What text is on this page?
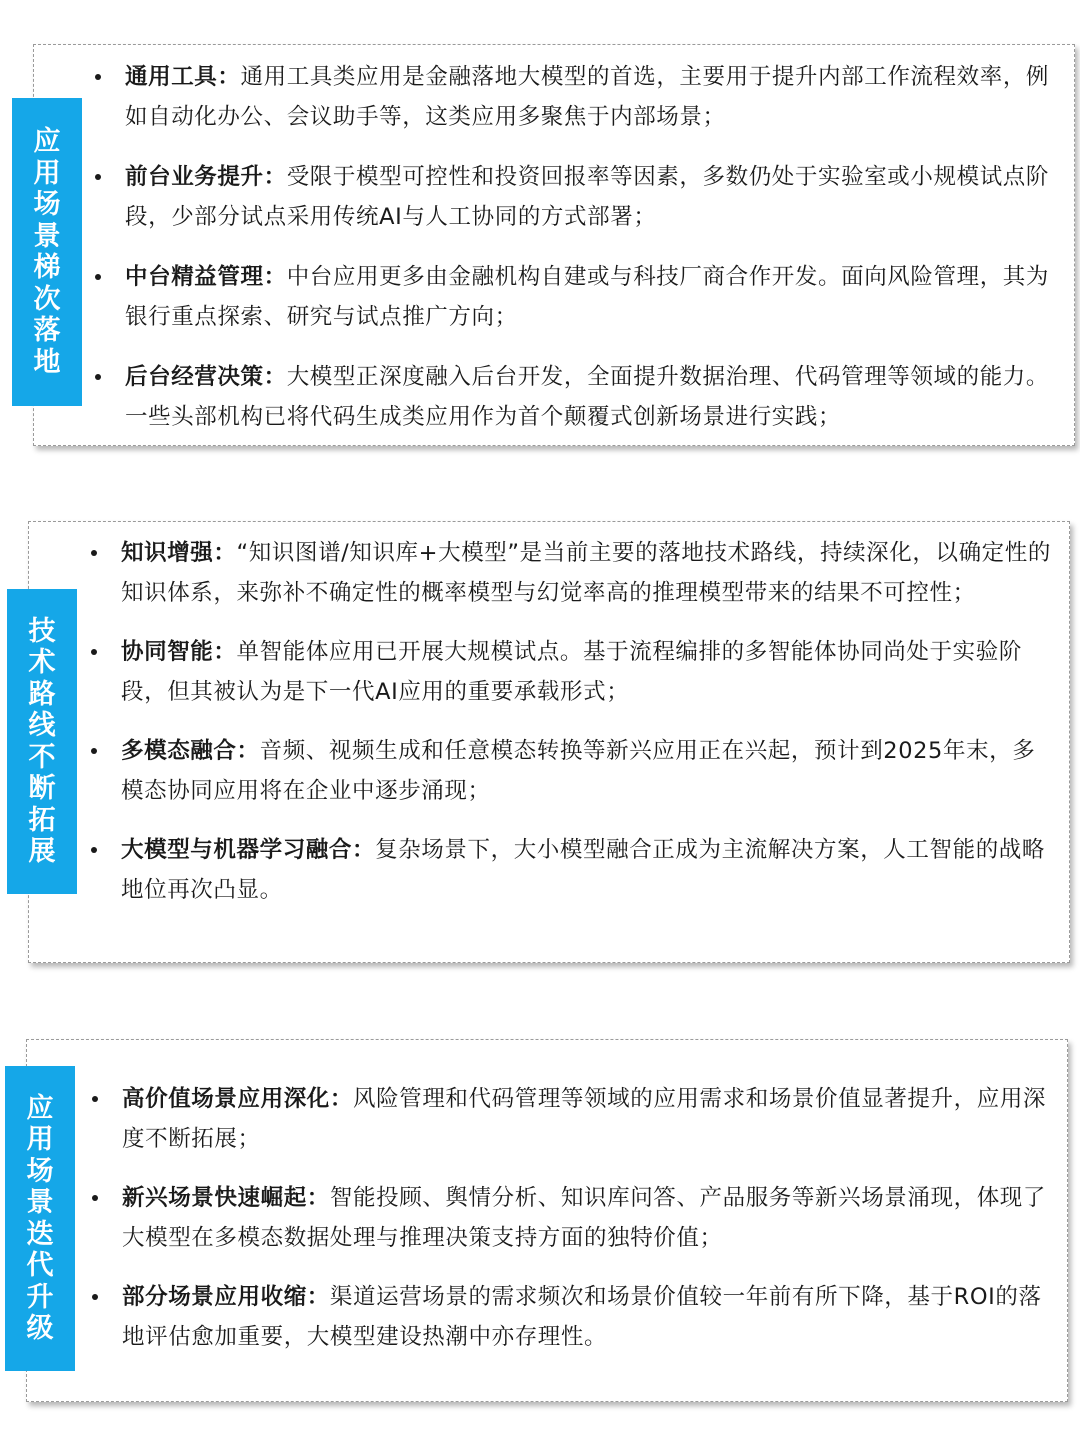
通用工具：通用工具类应用是金融落地大模型的首选，主要用于提升内部工作流程效率，例如自动化办公、会议助手等，这类应用多聚焦于内部场景；
前台业务提升：受限于模型可控性和投资回报率等因素，多数仍处于实验室或小规模试点阶段，少部分试点采用传统AI与人工协同的方式部署；
中台精益管理：中台应用更多由金融机构自建或与科技厂商合作开发。面向风险管理，其为银行重点探索、研究与试点推广方向；
后台经营决策：大模型正深度融入后台开发，全面提升数据治理、代码管理等领域的能力。一些头部机构已将代码生成类应用作为首个颠覆式创新场景进行实践；
应
用
场
景
梯
次
落
地
知识增强：“知识图谱/知识库+大模型”是当前主要的落地技术路线，持续深化，以确定性的知识体系，来弥补不确定性的概率模型与幻觉率高的推理模型带来的结果不可控性；
协同智能：单智能体应用已开展大规模试点。基于流程编排的多智能体协同尚处于实验阶段，但其被认为是下一代AI应用的重要承载形式；
多模态融合：音频、视频生成和任意模态转换等新兴应用正在兴起，预计到2025年末，多模态协同应用将在企业中逐步涌现；
大模型与机器学习融合：复杂场景下，大小模型融合正成为主流解决方案，人工智能的战略地位再次凸显。
技
术
路
线
不
断
拓
展
高价值场景应用深化：风险管理和代码管理等领域的应用需求和场景价值显著提升，应用深度不断拓展；
新兴场景快速崛起：智能投顾、舆情分析、知识库问答、产品服务等新兴场景涌现，体现了大模型在多模态数据处理与推理决策支持方面的独特价值；
部分场景应用收缩：渠道运营场景的需求频次和场景价值较一年前有所下降，基于ROI的落地评估愈加重要，大模型建设热潮中亦存理性。
应
用
场
景
迭
代
升
级
